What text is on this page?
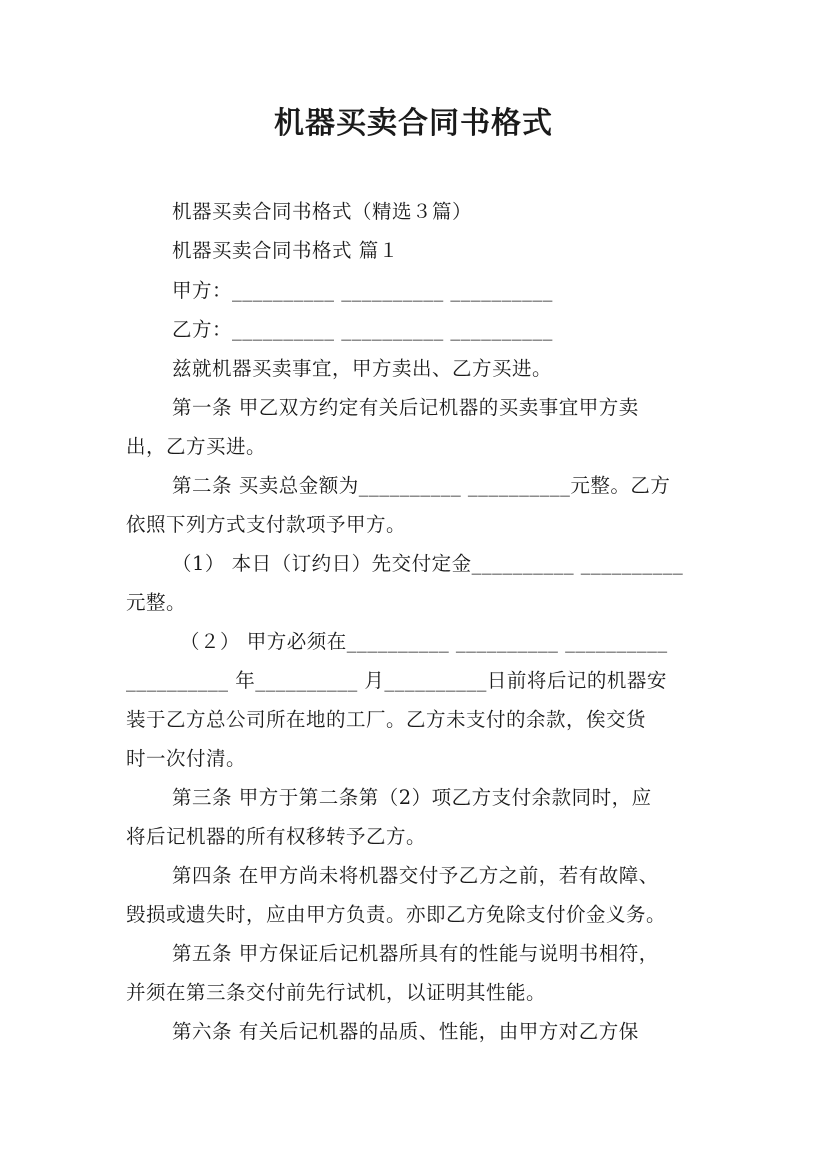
机器买卖合同书格式
机器买卖合同书格式（精选３篇）
机器买卖合同书格式 篇１
甲方：__________ __________ __________
乙方：__________ __________ __________
兹就机器买卖事宜，甲方卖出、乙方买进。
第一条 甲乙双方约定有关后记机器的买卖事宜甲方卖
出，乙方买进。
第二条 买卖总金额为__________ __________元整。乙方
依照下列方式支付款项予甲方。
（1） 本日（订约日）先交付定金__________ __________
元整。
（２） 甲方必须在__________ __________ __________
__________ 年__________ 月__________日前将后记的机器安
装于乙方总公司所在地的工厂。乙方未支付的余款，俟交货
时一次付清。
第三条 甲方于第二条第（2）项乙方支付余款同时，应
将后记机器的所有权移转予乙方。
第四条 在甲方尚未将机器交付予乙方之前，若有故障、
毁损或遗失时，应由甲方负责。亦即乙方免除支付价金义务。
第五条 甲方保证后记机器所具有的性能与说明书相符，
并须在第三条交付前先行试机，以证明其性能。
第六条 有关后记机器的品质、性能，由甲方对乙方保
